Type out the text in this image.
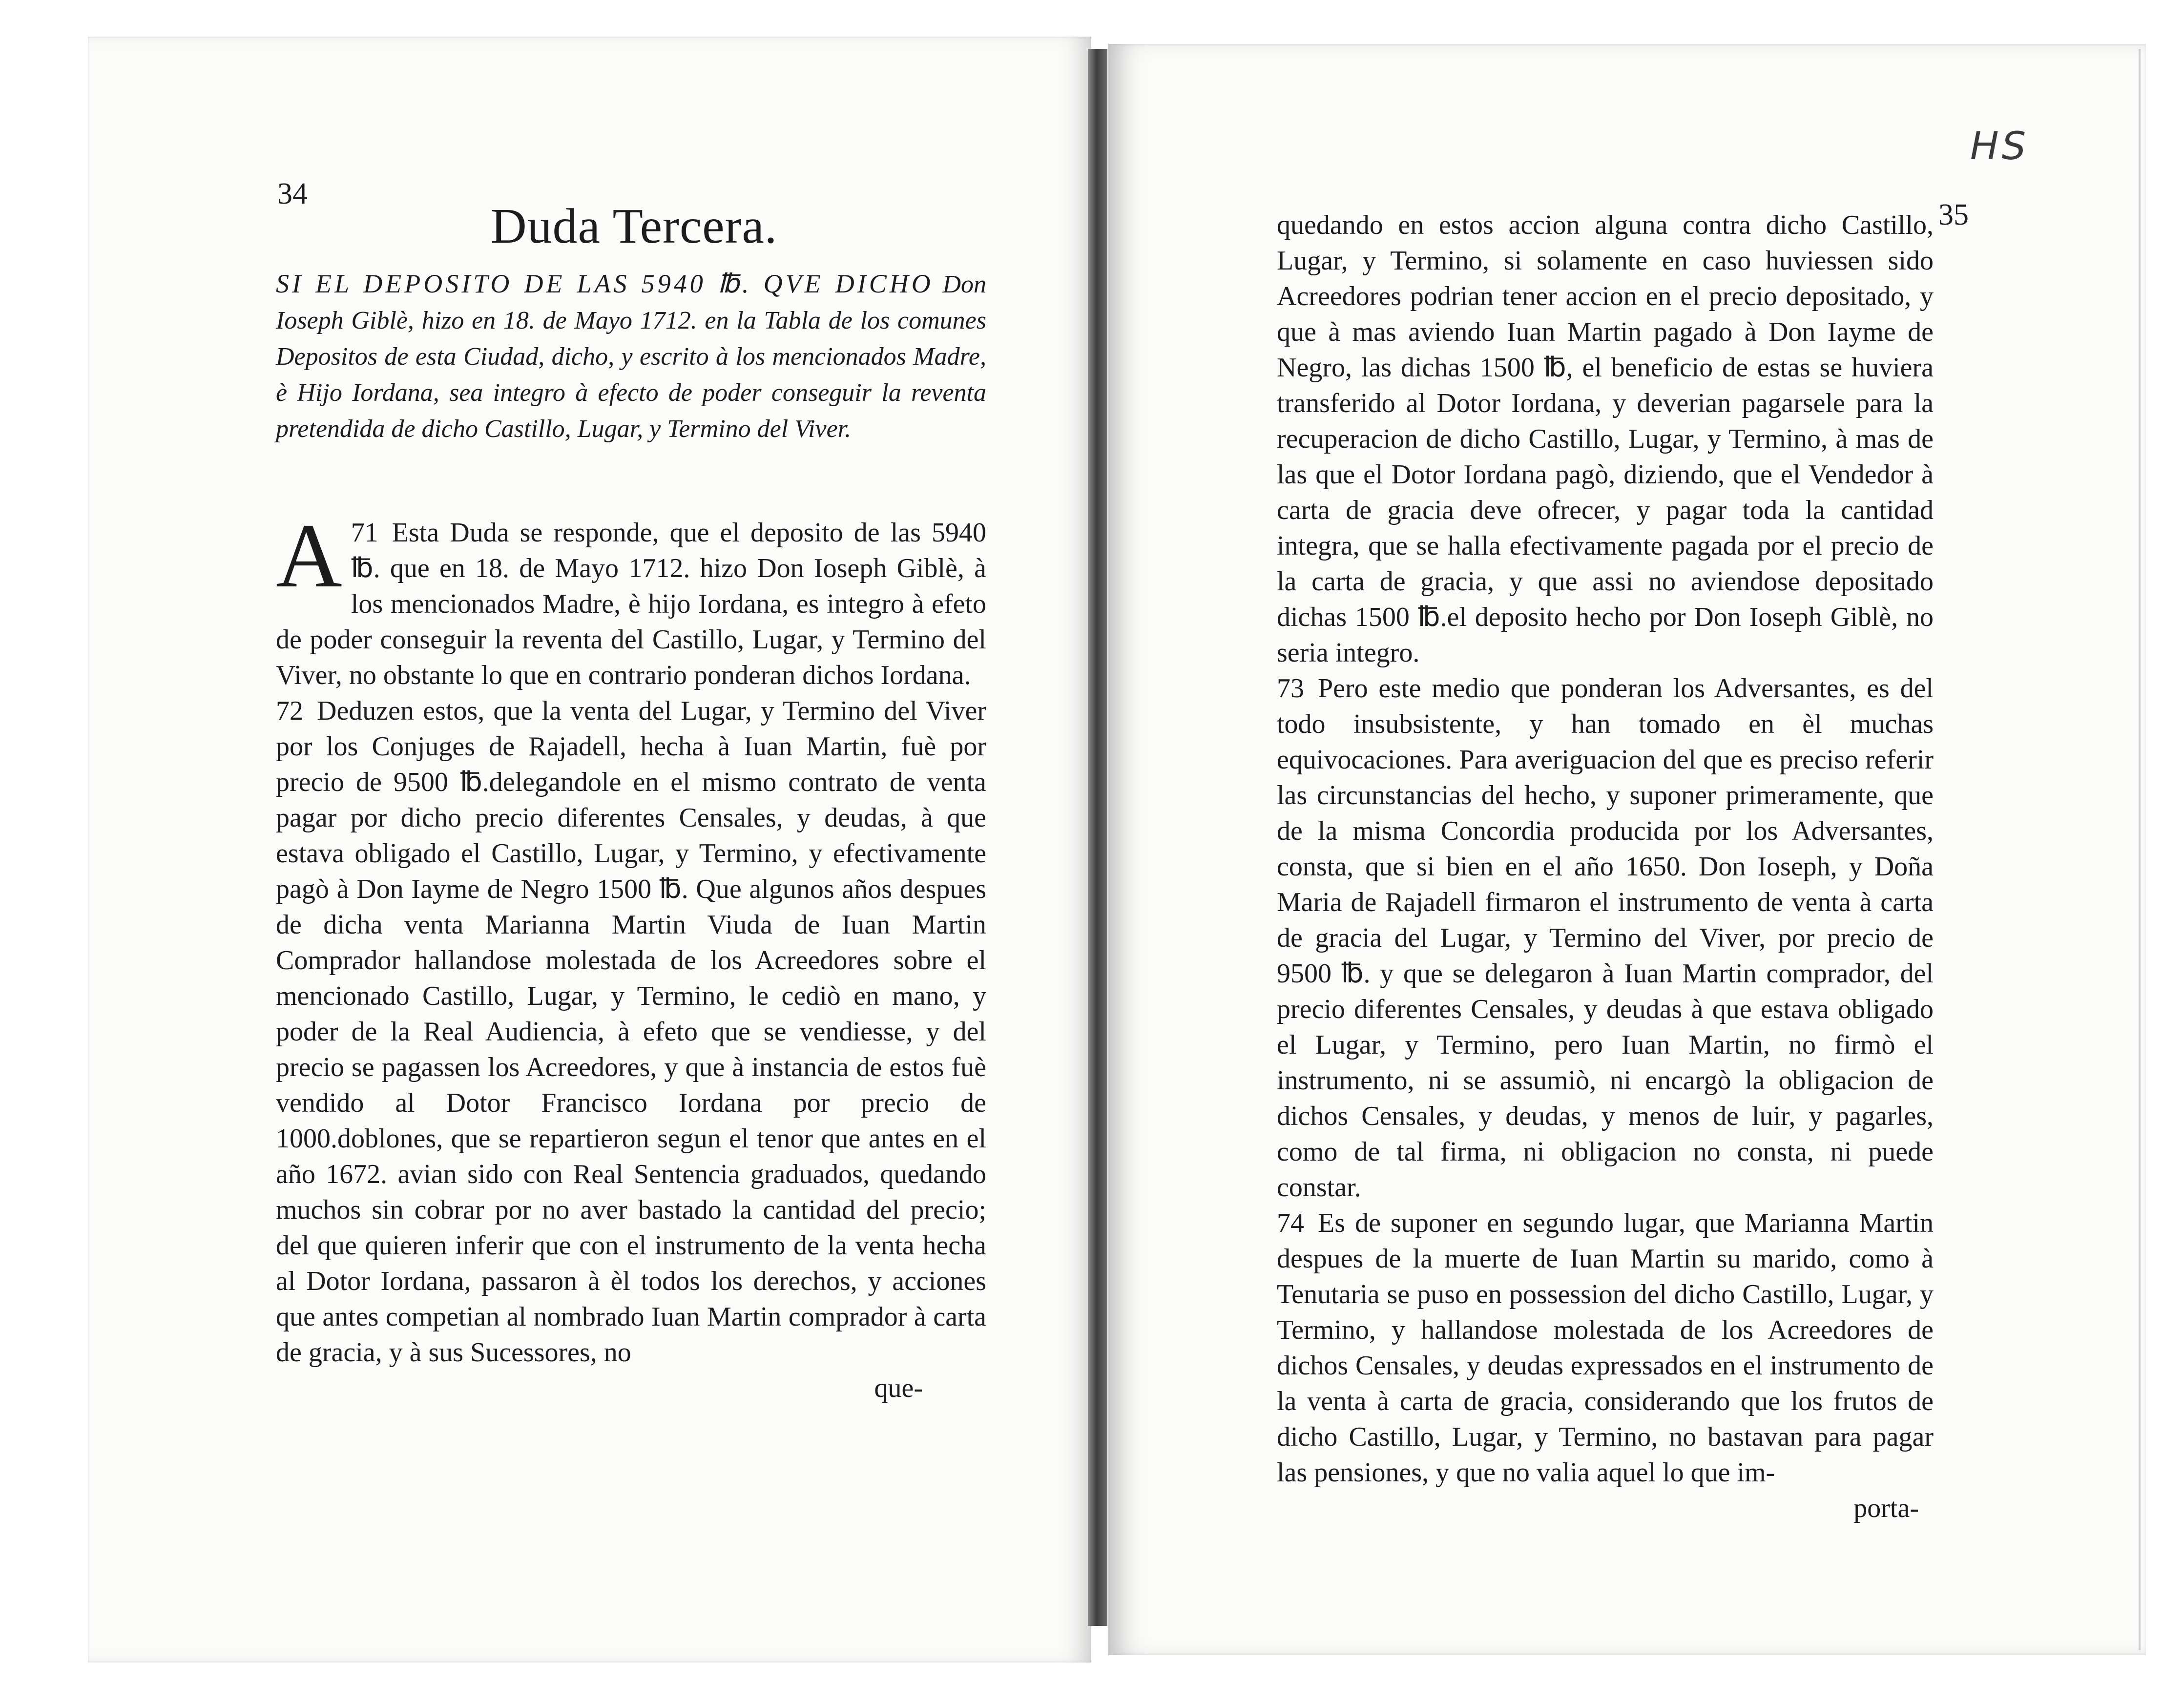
34
Duda Tercera.

SI EL DEPOSITO DE LAS 5940 ℔. QVE DICHO Don Ioseph Giblè, hizo en 18. de Mayo 1712. en la Tabla de los comunes Depositos de esta Ciudad, dicho, y escrito à los mencionados Madre, è Hijo Iordana, sea integro à efecto de poder conseguir la reventa pretendida de dicho Castillo, Lugar, y Termino del Viver.

71
A Esta Duda se responde, que el deposito de las 5940 ℔. que en 18. de Mayo 1712. hizo Don Ioseph Giblè, à los mencionados Madre, è hijo Iordana, es integro à efeto de poder conseguir la reventa del Castillo, Lugar, y Termino del Viver, no obstante lo que en contrario ponderan dichos Iordana.

72 Deduzen estos, que la venta del Lugar, y Termino del Viver por los Conjuges de Rajadell, hecha à Iuan Martin, fuè por precio de 9500 ℔.delegandole en el mismo contrato de venta pagar por dicho precio diferentes Censales, y deudas, à que estava obligado el Castillo, Lugar, y Termino, y efectivamente pagò à Don Iayme de Negro 1500 ℔. Que algunos años despues de dicha venta Marianna Martin Viuda de Iuan Martin Comprador hallandose molestada de los Acreedores sobre el mencionado Castillo, Lugar, y Termino, le cediò en mano, y poder de la Real Audiencia, à efeto que se vendiesse, y del precio se pagassen los Acreedores, y que à instancia de estos fuè vendido al Dotor Francisco Iordana por precio de 1000.doblones, que se repartieron segun el tenor que antes en el año 1672. avian sido con Real Sentencia graduados, quedando muchos sin cobrar por no aver bastado la cantidad del precio; del que quieren inferir que con el instrumento de la venta hecha al Dotor Iordana, passaron à èl todos los derechos, y acciones que antes competian al nombrado Iuan Martin comprador à carta de gracia, y à sus Sucessores, no

que-
HS
35

quedando en estos accion alguna contra dicho Castillo, Lugar, y Termino, si solamente en caso huviessen sido Acreedores podrian tener accion en el precio depositado, y que à mas aviendo Iuan Martin pagado à Don Iayme de Negro, las dichas 1500 ℔, el beneficio de estas se huviera transferido al Dotor Iordana, y deverian pagarsele para la recuperacion de dicho Castillo, Lugar, y Termino, à mas de las que el Dotor Iordana pagò, diziendo, que el Vendedor à carta de gracia deve ofrecer, y pagar toda la cantidad integra, que se halla efectivamente pagada por el precio de la carta de gracia, y que assi no aviendose depositado dichas 1500 ℔.el deposito hecho por Don Ioseph Giblè, no seria integro.

73 Pero este medio que ponderan los Adversantes, es del todo insubsistente, y han tomado en èl muchas equivocaciones. Para averiguacion del que es preciso referir las circunstancias del hecho, y suponer primeramente, que de la misma Concordia producida por los Adversantes, consta, que si bien en el año 1650. Don Ioseph, y Doña Maria de Rajadell firmaron el instrumento de venta à carta de gracia del Lugar, y Termino del Viver, por precio de 9500 ℔. y que se delegaron à Iuan Martin comprador, del precio diferentes Censales, y deudas à que estava obligado el Lugar, y Termino, pero Iuan Martin, no firmò el instrumento, ni se assumiò, ni encargò la obligacion de dichos Censales, y deudas, y menos de luir, y pagarles, como de tal firma, ni obligacion no consta, ni puede constar.

74 Es de suponer en segundo lugar, que Marianna Martin despues de la muerte de Iuan Martin su marido, como à Tenutaria se puso en possession del dicho Castillo, Lugar, y Termino, y hallandose molestada de los Acreedores de dichos Censales, y deudas expressados en el instrumento de la venta à carta de gracia, considerando que los frutos de dicho Castillo, Lugar, y Termino, no bastavan para pagar las pensiones, y que no valia aquel lo que im-

porta-
